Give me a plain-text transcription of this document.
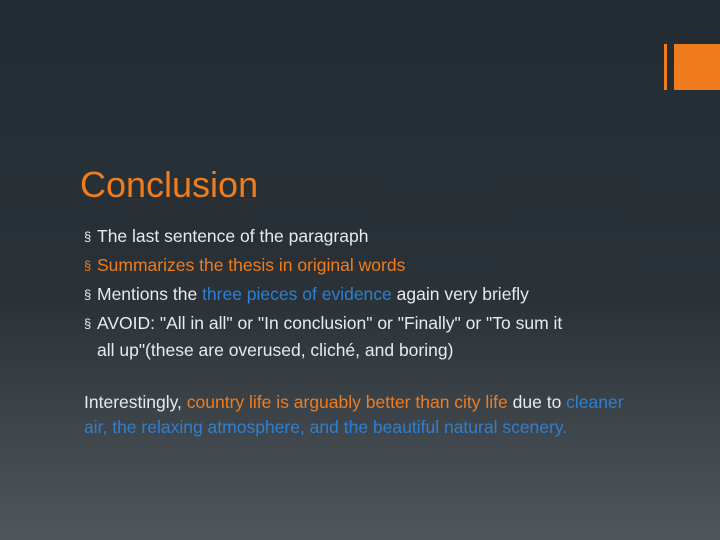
Conclusion
§ The last sentence of the paragraph
§ Summarizes the thesis in original words
§ Mentions the three pieces of evidence again very briefly
§ AVOID: "All in all" or "In conclusion" or "Finally" or "To sum it
all up"(these are overused, cliché, and boring)

Interestingly, country life is arguably better than city life due to cleaner air, the relaxing atmosphere, and the beautiful natural scenery.
